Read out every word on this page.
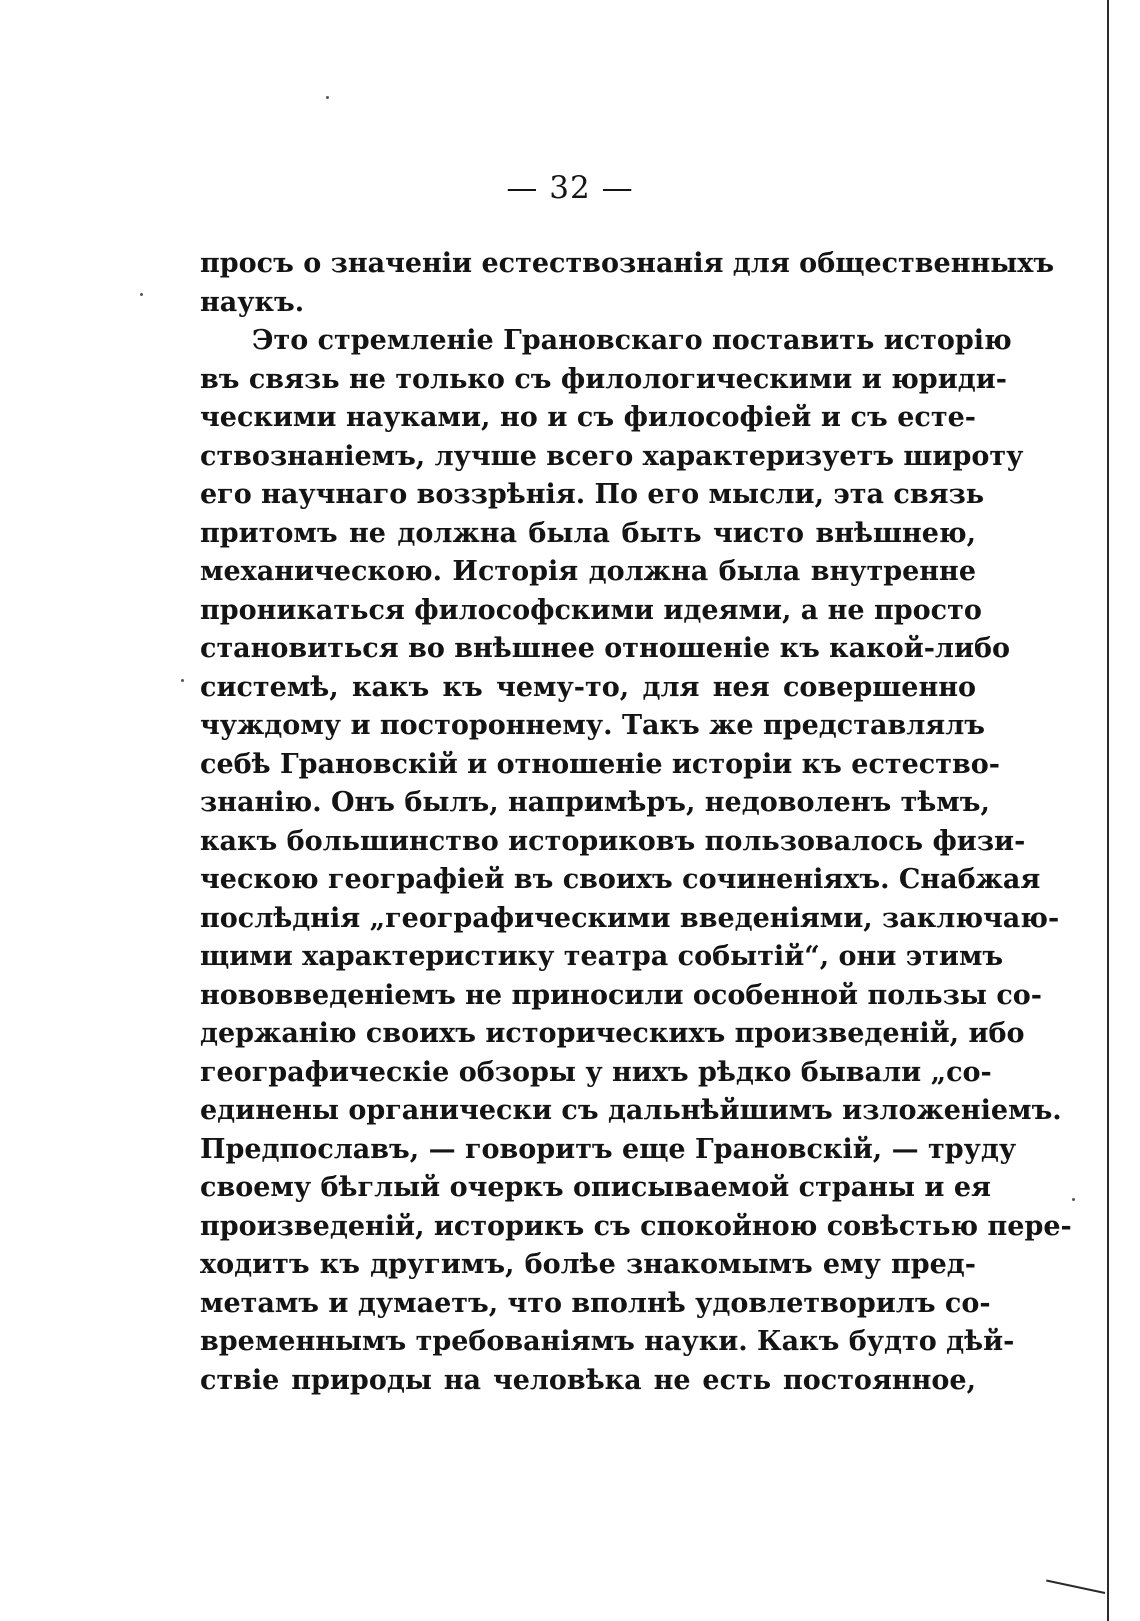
— 32 —
просъ о значеніи естествознанія для общественныхъ
наукъ.
Это стремленіе Грановскаго поставить исторію
въ связь не только съ филологическими и юриди-
ческими науками, но и съ философіей и съ есте-
ствознаніемъ, лучше всего характеризуетъ широту
его научнаго воззрѣнія. По его мысли, эта связь
притомъ не должна была быть чисто внѣшнею,
механическою. Исторія должна была внутренне
проникаться философскими идеями, а не просто
становиться во внѣшнее отношеніе къ какой-либо
системѣ, какъ къ чему-то, для нея совершенно
чуждому и постороннему. Такъ же представлялъ
себѣ Грановскій и отношеніе исторіи къ естество-
знанію. Онъ былъ, напримѣръ, недоволенъ тѣмъ,
какъ большинство историковъ пользовалось физи-
ческою географіей въ своихъ сочиненіяхъ. Снабжая
послѣднія „географическими введеніями, заключаю-
щими характеристику театра событій“, они этимъ
нововведеніемъ не приносили особенной пользы со-
держанію своихъ историческихъ произведеній, ибо
географическіе обзоры у нихъ рѣдко бывали „со-
единены органически съ дальнѣйшимъ изложеніемъ.
Предпославъ, — говоритъ еще Грановскій, — труду
своему бѣглый очеркъ описываемой страны и ея
произведеній, историкъ съ спокойною совѣстью пере-
ходитъ къ другимъ, болѣе знакомымъ ему пред-
метамъ и думаетъ, что вполнѣ удовлетворилъ со-
временнымъ требованіямъ науки. Какъ будто дѣй-
ствіе природы на человѣка не есть постоянное,
